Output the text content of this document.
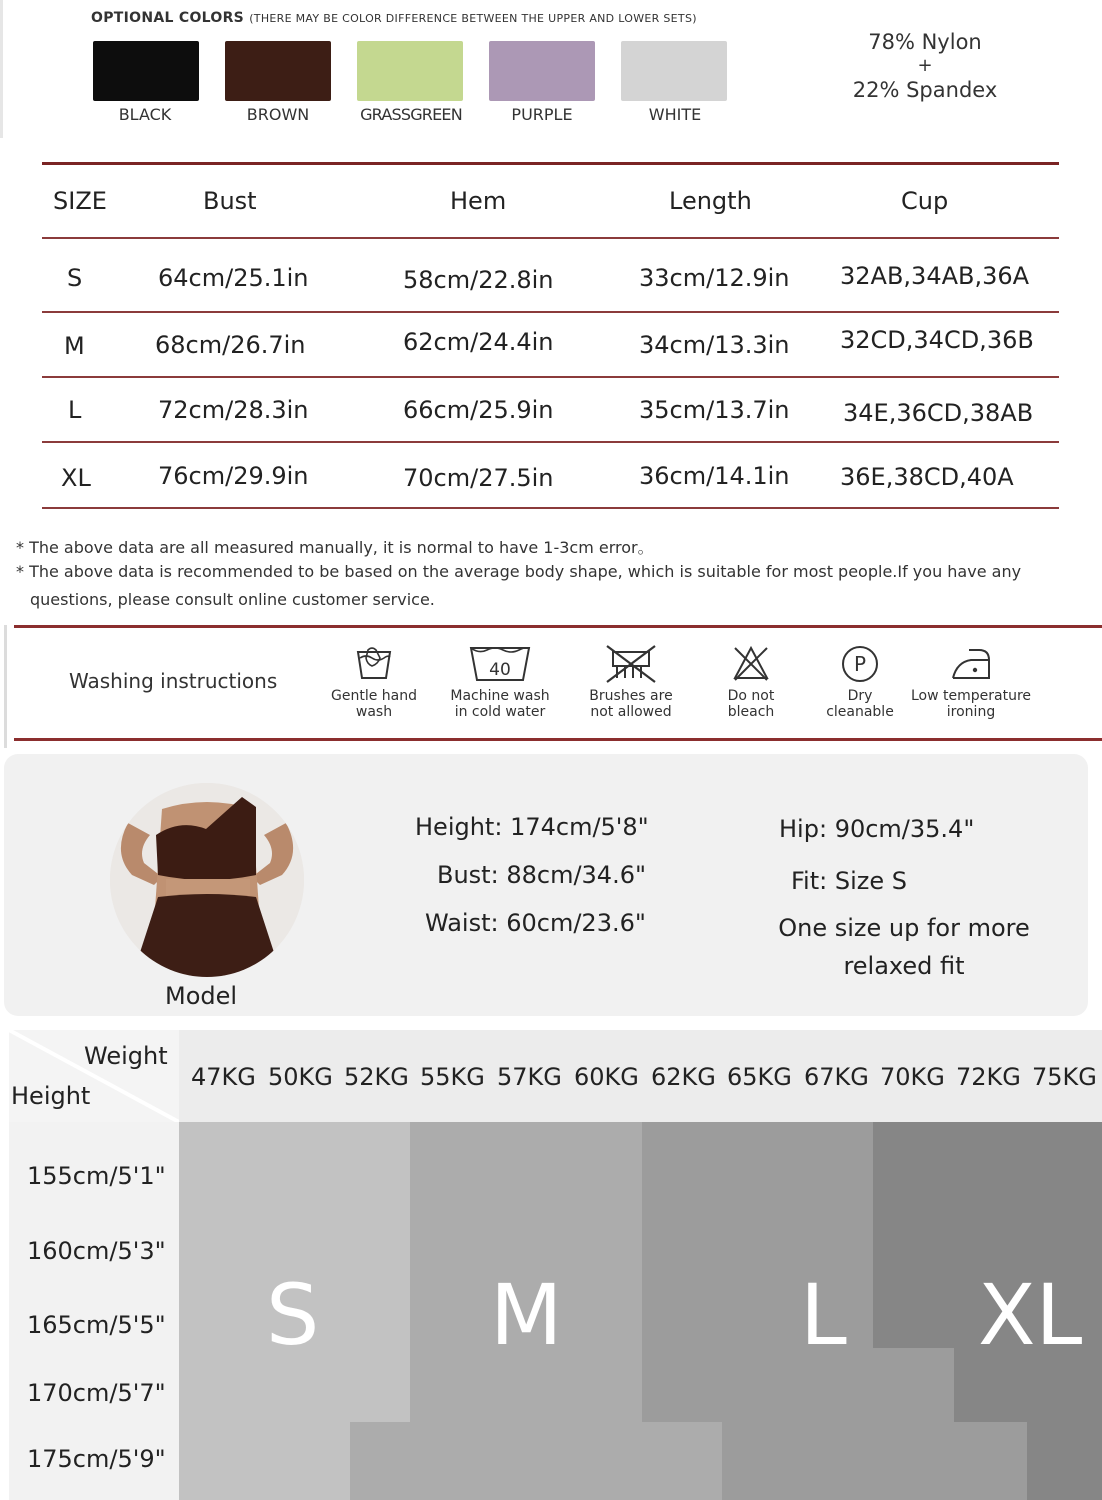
OPTIONAL COLORS (THERE MAY BE COLOR DIFFERENCE BETWEEN THE UPPER AND LOWER SETS)
BLACK	BROWN	GRASSGREEN	PURPLE	WHITE
78% Nylon
+
22% Spandex
SIZE	Bust	Hem	Length	Cup
S	64cm/25.1in	58cm/22.8in	33cm/12.9in 32AB,34AB,36A
M	68cm/26.7in	62cm/24.4in	34cm/13.3in 32CD,34CD,36B
L	72cm/28.3in	66cm/25.9in	35cm/13.7in 34E,36CD,38AB
XL	76cm/29.9in	70cm/27.5in	36cm/14.1in 36E,38CD,40A
* The above data are all measured manually, it is normal to have 1-3cm error。
* The above data is recommended to be based on the average body shape, which is suitable for most people.If you have any
questions, please consult online customer service.
Washing instructions
Gentle hand
wash
40
Machine wash
in cold water
Brushes are
not allowed
Do not
bleach
P
Dry
cleanable
Low temperature
ironing
Model
Height: 174cm/5'8"
Bust: 88cm/34.6"
Waist: 60cm/23.6"
Hip: 90cm/35.4"
Fit: Size S
One size up for more
relaxed fit
Weight
Height
47KG 50KG 52KG 55KG 57KG 60KG 62KG 65KG 67KG 70KG 72KG 75KG
155cm/5'1"
160cm/5'3"
165cm/5'5"
170cm/5'7"
175cm/5'9"
S M	L XL
